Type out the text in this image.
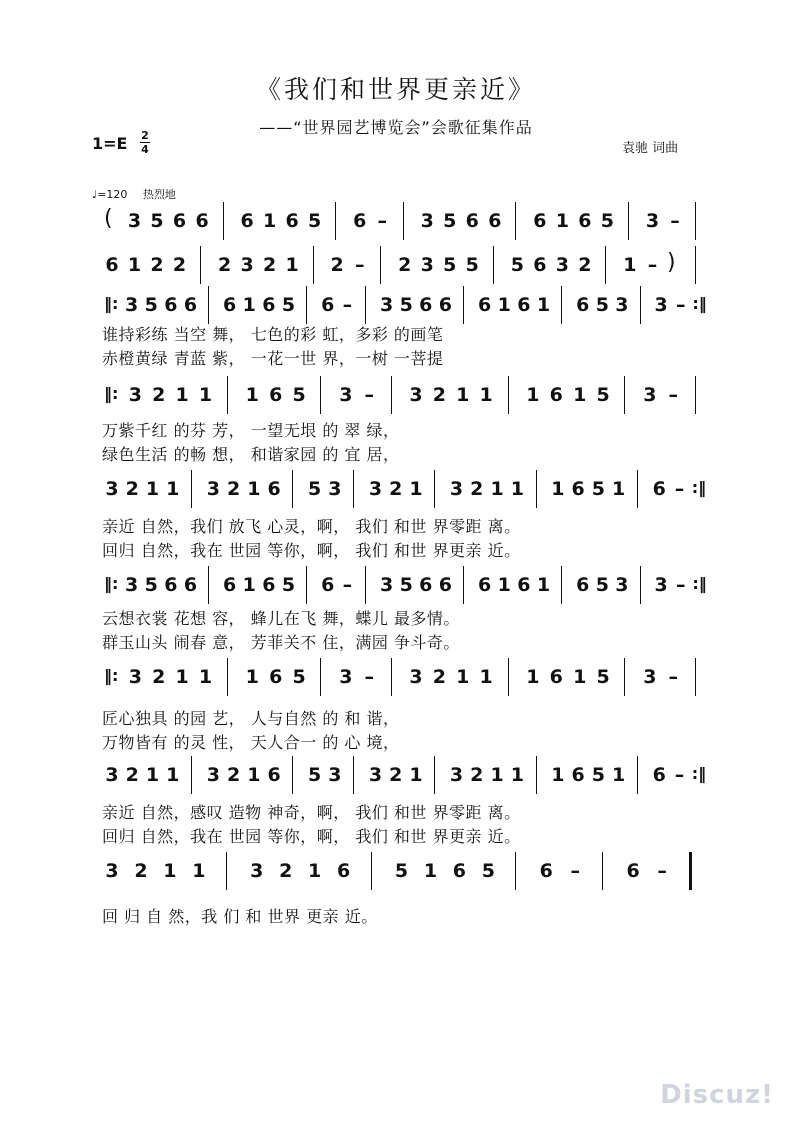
《我们和世界更亲近》
——“世界园艺博览会”会歌征集作品
1=E 2
4	袁驰 词曲
♩=120 热烈地
( 3 5 6 6 6 1 6 5 6 – 3 5 6 6 6 1 6 5 3 –
6 1 2 2 2 3 2 1 2 – 2 3 5 5 5 6 3 2 1 – )
‖: 3 5 6 6 6 1 6 5 6 – 3 5 6 6 6 1 6 1 6 5 3 3 – :‖
‖: 3 2 1 1 1 6 5 3 – 3 2 1 1 1 6 1 5 3 –
3 2 1 1 3 2 1 6 5 3 3 2 1 3 2 1 1 1 6 5 1 6 – :‖
‖: 3 5 6 6 6 1 6 5 6 – 3 5 6 6 6 1 6 1 6 5 3 3 – :‖
‖: 3 2 1 1 1 6 5 3 – 3 2 1 1 1 6 1 5 3 –
3 2 1 1 3 2 1 6 5 3 3 2 1 3 2 1 1 1 6 5 1 6 – :‖
3 2 1 1 3 2 1 6 5 1 6 5 6 – 6 –
谁持彩练 当空 舞， 七色的彩 虹，多彩 的画笔
赤橙黄绿 青蓝 紫， 一花一世 界，一树 一菩提
万紫千红 的芬 芳， 一望无垠 的 翠 绿，
绿色生活 的畅 想， 和谐家园 的 宜 居，
亲近 自然，我们 放飞 心灵，啊， 我们 和世 界零距 离。
回归 自然，我在 世园 等你，啊， 我们 和世 界更亲 近。
云想衣裳 花想 容， 蜂儿在飞 舞，蝶儿 最多情。
群玉山头 闹春 意， 芳菲关不 住，满园 争斗奇。
匠心独具 的园 艺， 人与自然 的 和 谐，
万物皆有 的灵 性， 天人合一 的 心 境，
亲近 自然，感叹 造物 神奇，啊， 我们 和世 界零距 离。
回归 自然，我在 世园 等你，啊， 我们 和世 界更亲 近。
回 归 自 然，我 们 和 世界 更亲 近。
Discuz!
